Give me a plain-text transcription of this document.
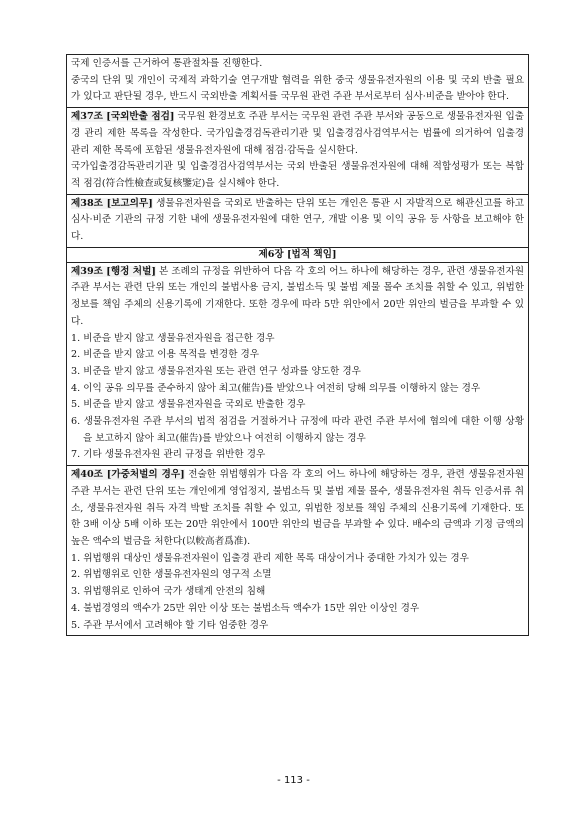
국제 인증서를 근거하여 통관절차를 진행한다.

중국의 단위 및 개인이 국제적 과학기술 연구개발 협력을 위한 중국 생물유전자원의 이용 및 국외 반출 필요가 있다고 판단될 경우, 반드시 국외반출 계획서를 국무원 관련 주관 부서로부터 심사·비준을 받아야 한다.

제37조 [국외반출 점검] 국무원 환경보호 주관 부서는 국무원 관련 주관 부서와 공동으로 생물유전자원 입출경 관리 제한 목록을 작성한다. 국가입출경검독관리기관 및 입출경검사검역부서는 법률에 의거하여 입출경 관리 제한 목록에 포함된 생물유전자원에 대해 점검·감독을 실시한다.

국가입출경감독관리기관 및 입출경검사검역부서는 국외 반출된 생물유전자원에 대해 적합성평가 또는 복합적 점검(符合性檢查或复核鑒定)을 실시해야 한다.

제38조 [보고의무] 생물유전자원을 국외로 반출하는 단위 또는 개인은 통관 시 자발적으로 해관신고를 하고 심사·비준 기관의 규정 기한 내에 생물유전자원에 대한 연구, 개발 이용 및 이익 공유 등 사항을 보고해야 한다.

제6장 [법적 책임]

제39조 [행정 처벌] 본 조례의 규정을 위반하여 다음 각 호의 어느 하나에 해당하는 경우, 관련 생물유전자원 주관 부서는 관련 단위 또는 개인의 불법사용 금지, 불법소득 및 불법 제물 몰수 조치를 취할 수 있고, 위법한 정보를 책임 주체의 신용기록에 기재한다. 또한 경우에 따라 5만 위안에서 20만 위안의 벌금을 부과할 수 있다.

1. 비준을 받지 않고 생물유전자원을 접근한 경우
2. 비준을 받지 않고 이용 목적을 변경한 경우
3. 비준을 받지 않고 생물유전자원 또는 관련 연구 성과를 양도한 경우
4. 이익 공유 의무를 준수하지 않아 최고(催告)를 받았으나 여전히 당해 의무를 이행하지 않는 경우
5. 비준을 받지 않고 생물유전자원을 국외로 반출한 경우
6. 생물유전자원 주관 부서의 법적 점검을 거절하거나 규정에 따라 관련 주관 부서에 협의에 대한 이행 상황을 보고하지 않아 최고(催告)를 받았으나 여전히 이행하지 않는 경우
7. 기타 생물유전자원 관리 규정을 위반한 경우

제40조 [가중처벌의 경우] 전술한 위법행위가 다음 각 호의 어느 하나에 해당하는 경우, 관련 생물유전자원 주관 부서는 관련 단위 또는 개인에게 영업정지, 불법소득 및 불법 제물 몰수, 생물유전자원 취득 인증서류 취소, 생물유전자원 취득 자격 박탈 조치를 취할 수 있고, 위법한 정보를 책임 주체의 신용기록에 기재한다. 또한 3배 이상 5배 이하 또는 20만 위안에서 100만 위안의 벌금을 부과할 수 있다. 배수의 금액과 기정 금액의 높은 액수의 벌금을 처한다(以較高者爲准).

1. 위법행위 대상인 생물유전자원이 입출경 관리 제한 목록 대상이거나 중대한 가치가 있는 경우
2. 위법행위로 인한 생물유전자원의 영구적 소멸
3. 위법행위로 인하여 국가 생태계 안전의 침해
4. 불법경영의 액수가 25만 위안 이상 또는 불법소득 액수가 15만 위안 이상인 경우
5. 주관 부서에서 고려해야 할 기타 엄중한 경우
- 113 -
